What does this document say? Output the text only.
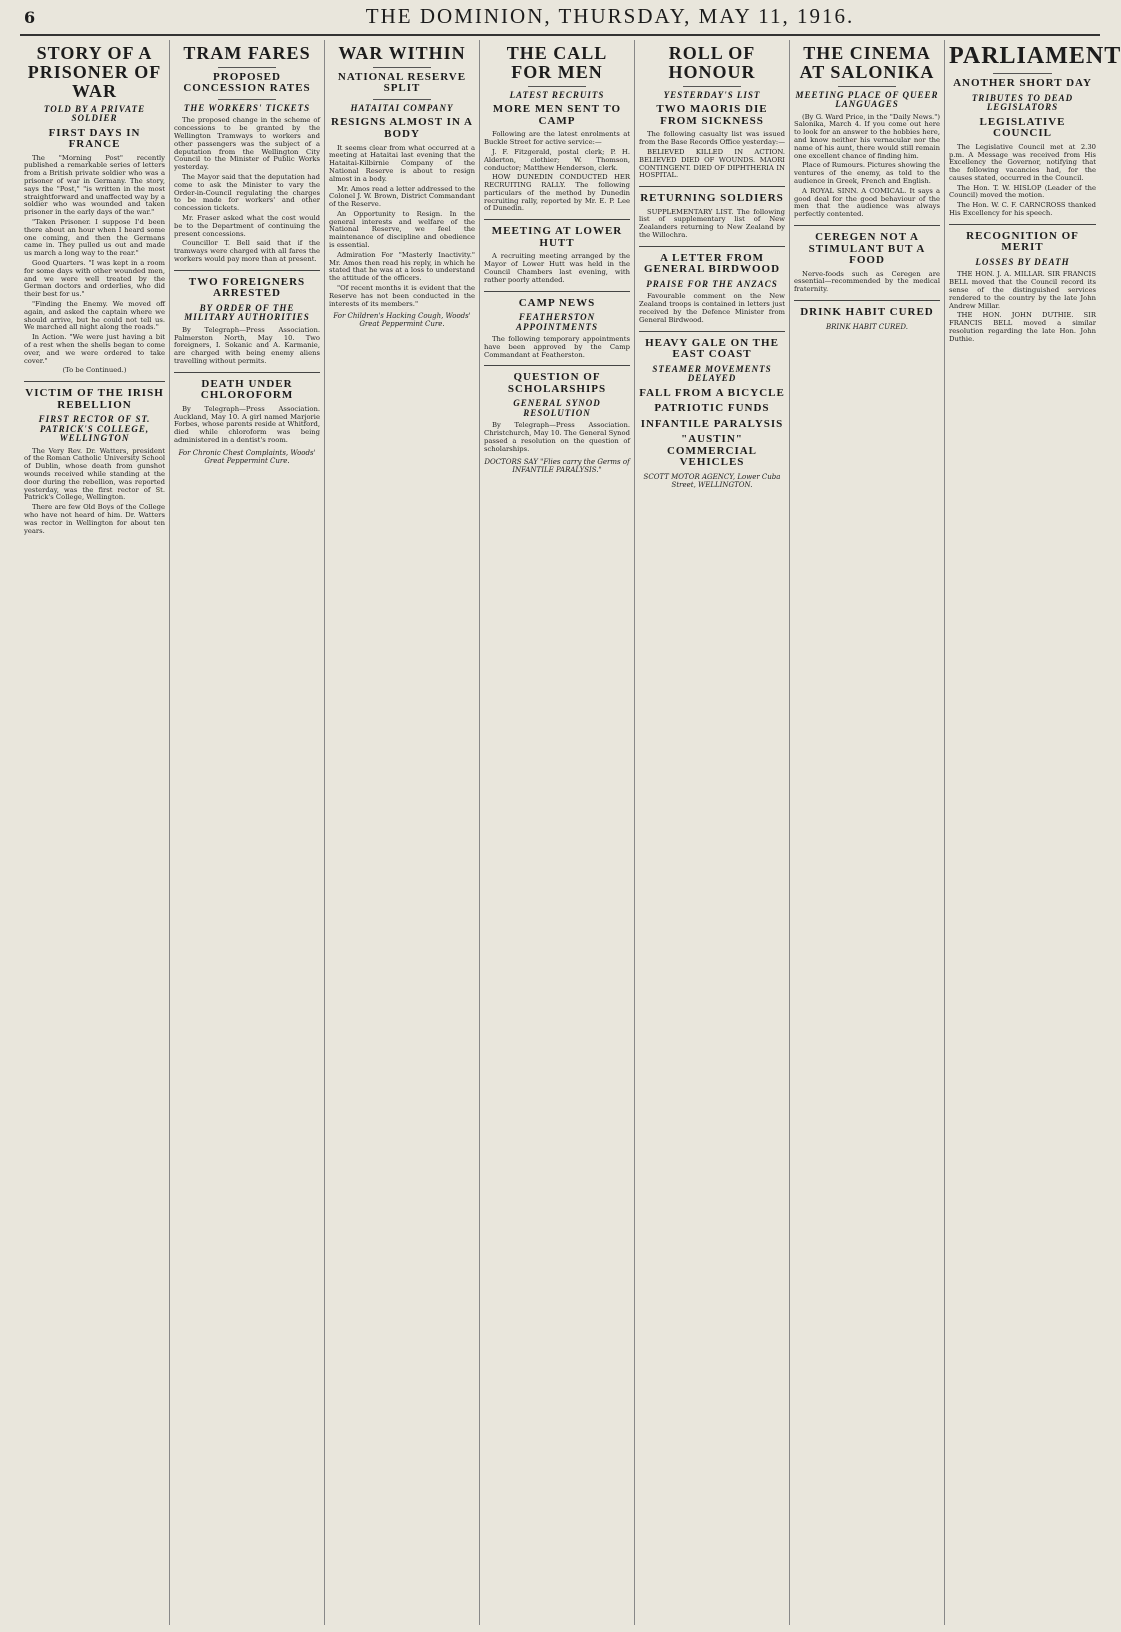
6	THE DOMINION, THURSDAY, MAY 11, 1916.
STORY OF A PRISONER OF WAR
TOLD BY A PRIVATE SOLDIER
FIRST DAYS IN FRANCE

The "Morning Post" recently published a remarkable series of letters from a British private soldier who was a prisoner of war in Germany. The story, says the "Post," "is written in the most straightforward and unaffected way by a soldier who was wounded and taken prisoner in the early days of the war."

"Taken Prisoner. I suppose I'd been there about an hour when I heard some one coming, and then the Germans came in. They pulled us out and made us march a long way to the rear."

Good Quarters. "I was kept in a room for some days with other wounded men, and we were well treated by the German doctors and orderlies, who did their best for us."

"Finding the Enemy. We moved off again, and asked the captain where we should arrive, but he could not tell us. We marched all night along the roads."

In Action. "We were just having a bit of a rest when the shells began to come over, and we were ordered to take cover."

(To be Continued.)

VICTIM OF THE IRISH REBELLION
FIRST RECTOR OF ST. PATRICK'S COLLEGE, WELLINGTON

The Very Rev. Dr. Watters, president of the Roman Catholic University School of Dublin, whose death from gunshot wounds received while standing at the door during the rebellion, was reported yesterday, was the first rector of St. Patrick's College, Wellington.

There are few Old Boys of the College who have not heard of him. Dr. Watters was rector in Wellington for about ten years.

TRAM FARES
PROPOSED CONCESSION RATES
THE WORKERS' TICKETS

The proposed change in the scheme of concessions to be granted by the Wellington Tramways to workers and other passengers was the subject of a deputation from the Wellington City Council to the Minister of Public Works yesterday.

The Mayor said that the deputation had come to ask the Minister to vary the Order-in-Council regulating the charges to be made for workers' and other concession tickets.

Mr. Fraser asked what the cost would be to the Department of continuing the present concessions.

Councillor T. Bell said that if the tramways were charged with all fares the workers would pay more than at present.

TWO FOREIGNERS ARRESTED
BY ORDER OF THE MILITARY AUTHORITIES

By Telegraph—Press Association. Palmerston North, May 10. Two foreigners, I. Sokanic and A. Karmanie, are charged with being enemy aliens travelling without permits.

DEATH UNDER CHLOROFORM

By Telegraph—Press Association. Auckland, May 10. A girl named Marjorie Forbes, whose parents reside at Whitford, died while chloroform was being administered in a dentist's room.

For Chronic Chest Complaints, Woods' Great Peppermint Cure.
WAR WITHIN
NATIONAL RESERVE SPLIT
HATAITAI COMPANY
RESIGNS ALMOST IN A BODY

It seems clear from what occurred at a meeting at Hataitai last evening that the Hataitai-Kilbirnie Company of the National Reserve is about to resign almost in a body.

Mr. Amos read a letter addressed to the Colonel J. W. Brown, District Commandant of the Reserve.

An Opportunity to Resign. In the general interests and welfare of the National Reserve, we feel the maintenance of discipline and obedience is essential.

Admiration For "Masterly Inactivity." Mr. Amos then read his reply, in which he stated that he was at a loss to understand the attitude of the officers.

"Of recent months it is evident that the Reserve has not been conducted in the interests of its members."

For Children's Hacking Cough, Woods' Great Peppermint Cure.
THE CALL FOR MEN
LATEST RECRUITS
MORE MEN SENT TO CAMP

Following are the latest enrolments at Buckle Street for active service:—

J. F. Fitzgerald, postal clerk; P. H. Alderton, clothier; W. Thomson, conductor; Matthew Henderson, clerk.

HOW DUNEDIN CONDUCTED HER RECRUITING RALLY. The following particulars of the method by Dunedin recruiting rally, reported by Mr. E. P. Lee of Dunedin.

MEETING AT LOWER HUTT

A recruiting meeting arranged by the Mayor of Lower Hutt was held in the Council Chambers last evening, with rather poorly attended.

CAMP NEWS
FEATHERSTON APPOINTMENTS

The following temporary appointments have been approved by the Camp Commandant at Featherston.

QUESTION OF SCHOLARSHIPS
GENERAL SYNOD RESOLUTION

By Telegraph—Press Association. Christchurch, May 10. The General Synod passed a resolution on the question of scholarships.

DOCTORS SAY "Flies carry the Germs of INFANTILE PARALYSIS."
ROLL OF HONOUR
YESTERDAY'S LIST
TWO MAORIS DIE FROM SICKNESS

The following casualty list was issued from the Base Records Office yesterday:—

BELIEVED KILLED IN ACTION. BELIEVED DIED OF WOUNDS. MAORI CONTINGENT. DIED OF DIPHTHERIA IN HOSPITAL.

RETURNING SOLDIERS

SUPPLEMENTARY LIST. The following list of supplementary list of New Zealanders returning to New Zealand by the Willochra.

A LETTER FROM GENERAL BIRDWOOD
PRAISE FOR THE ANZACS

Favourable comment on the New Zealand troops is contained in letters just received by the Defence Minister from General Birdwood.

HEAVY GALE ON THE EAST COAST
STEAMER MOVEMENTS DELAYED
FALL FROM A BICYCLE
PATRIOTIC FUNDS
INFANTILE PARALYSIS
"AUSTIN" COMMERCIAL VEHICLES
SCOTT MOTOR AGENCY, Lower Cuba Street, WELLINGTON.
THE CINEMA AT SALONIKA
MEETING PLACE OF QUEER LANGUAGES

(By G. Ward Price, in the "Daily News.") Salonika, March 4. If you come out here to look for an answer to the hobbies here, and know neither his vernacular nor the name of his aunt, there would still remain one excellent chance of finding him.

Place of Rumours. Pictures showing the ventures of the enemy, as told to the audience in Greek, French and English.

A ROYAL SINN. A COMICAL. It says a good deal for the good behaviour of the men that the audience was always perfectly contented.

CEREGEN NOT A STIMULANT BUT A FOOD

Nerve-foods such as Ceregen are essential—recommended by the medical fraternity.

DRINK HABIT CURED
BRINK HABIT CURED.
PARLIAMENT
ANOTHER SHORT DAY
TRIBUTES TO DEAD LEGISLATORS
LEGISLATIVE COUNCIL

The Legislative Council met at 2.30 p.m. A Message was received from His Excellency the Governor, notifying that the following vacancies had, for the causes stated, occurred in the Council.

The Hon. T. W. HISLOP (Leader of the Council) moved the motion.

The Hon. W. C. F. CARNCROSS thanked His Excellency for his speech.

RECOGNITION OF MERIT
LOSSES BY DEATH

THE HON. J. A. MILLAR. SIR FRANCIS BELL moved that the Council record its sense of the distinguished services rendered to the country by the late John Andrew Millar.

THE HON. JOHN DUTHIE. SIR FRANCIS BELL moved a similar resolution regarding the late Hon. John Duthie.
